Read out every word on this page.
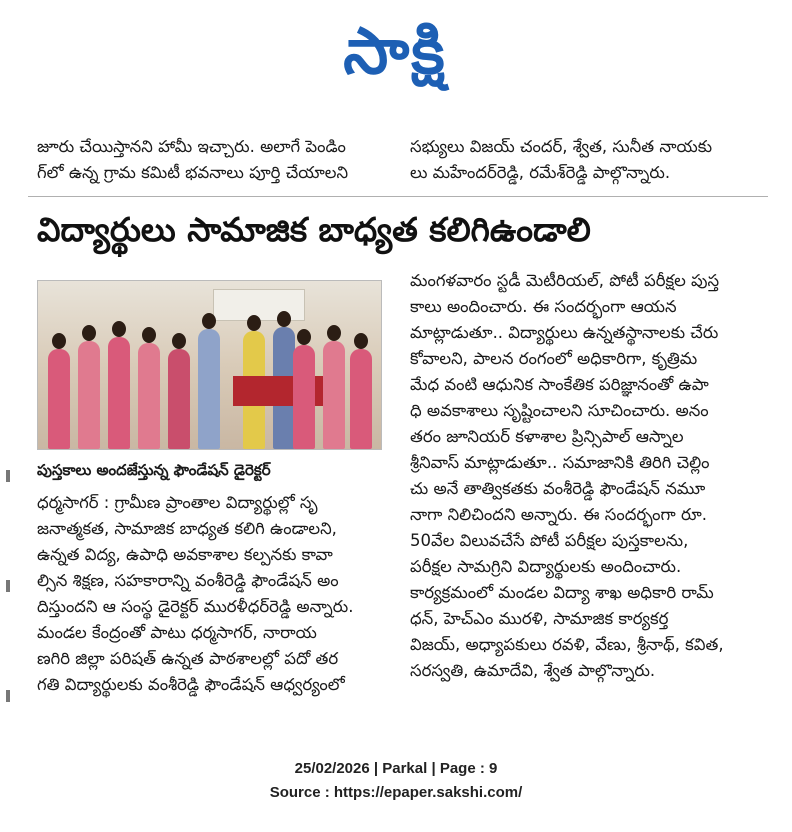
సాక్షి
జూరు చేయిస్తానని హామీ ఇచ్చారు. అలాగే పెండిం
గ్‌లో ఉన్న గ్రామ కమిటీ భవనాలు పూర్తి చేయాలని
సభ్యులు విజయ్ చందర్, శ్వేత, సునీత నాయకు
లు మహేందర్‌రెడ్డి, రమేశ్‌రెడ్డి పాల్గొన్నారు.
విద్యార్థులు సామాజిక బాధ్యత కలిగిఉండాలి
పుస్తకాలు అందజేస్తున్న ఫౌండేషన్ డైరెక్టర్
ధర్మసాగర్ : గ్రామీణ ప్రాంతాల విద్యార్థుల్లో సృ
జనాత్మకత, సామాజిక బాధ్యత కలిగి ఉండాలని,
ఉన్నత విద్య, ఉపాధి అవకాశాల కల్పనకు కావా
ల్సిన శిక్షణ, సహకారాన్ని వంశీరెడ్డి ఫౌండేషన్ అం
దిస్తుందని ఆ సంస్థ డైరెక్టర్ మురళీధర్‌రెడ్డి అన్నారు.
మండల కేంద్రంతో పాటు ధర్మసాగర్, నారాయ
ణగిరి జిల్లా పరిషత్ ఉన్నత పాఠశాలల్లో పదో తర
గతి విద్యార్థులకు వంశీరెడ్డి ఫౌండేషన్ ఆధ్వర్యంలో
మంగళవారం స్టడీ మెటీరియల్, పోటీ పరీక్షల పుస్త
కాలు అందించారు. ఈ సందర్భంగా ఆయన
మాట్లాడుతూ.. విద్యార్థులు ఉన్నతస్థానాలకు చేరు
కోవాలని, పాలన రంగంలో అధికారిగా, కృత్రిమ
మేధ వంటి ఆధునిక సాంకేతిక పరిజ్ఞానంతో ఉపా
ధి అవకాశాలు సృష్టించాలని సూచించారు. అనం
తరం జూనియర్ కళాశాల ప్రిన్సిపాల్ ఆస్నాల
శ్రీనివాస్ మాట్లాడుతూ.. సమాజానికి తిరిగి చెల్లిం
చు అనే తాత్వికతకు వంశీరెడ్డి ఫౌండేషన్ నమూ
నాగా నిలిచిందని అన్నారు. ఈ సందర్భంగా రూ.
50వేల విలువచేసే పోటీ పరీక్షల పుస్తకాలను,
పరీక్షల సామగ్రిని విద్యార్థులకు అందించారు.
కార్యక్రమంలో మండల విద్యా శాఖ అధికారి రామ్
ధన్, హెచ్ఎం మురళి, సామాజిక కార్యకర్త
విజయ్, అధ్యాపకులు రవళి, వేణు, శ్రీనాథ్, కవిత,
సరస్వతి, ఉమాదేవి, శ్వేత పాల్గొన్నారు.
25/02/2026 | Parkal | Page : 9
Source : https://epaper.sakshi.com/
